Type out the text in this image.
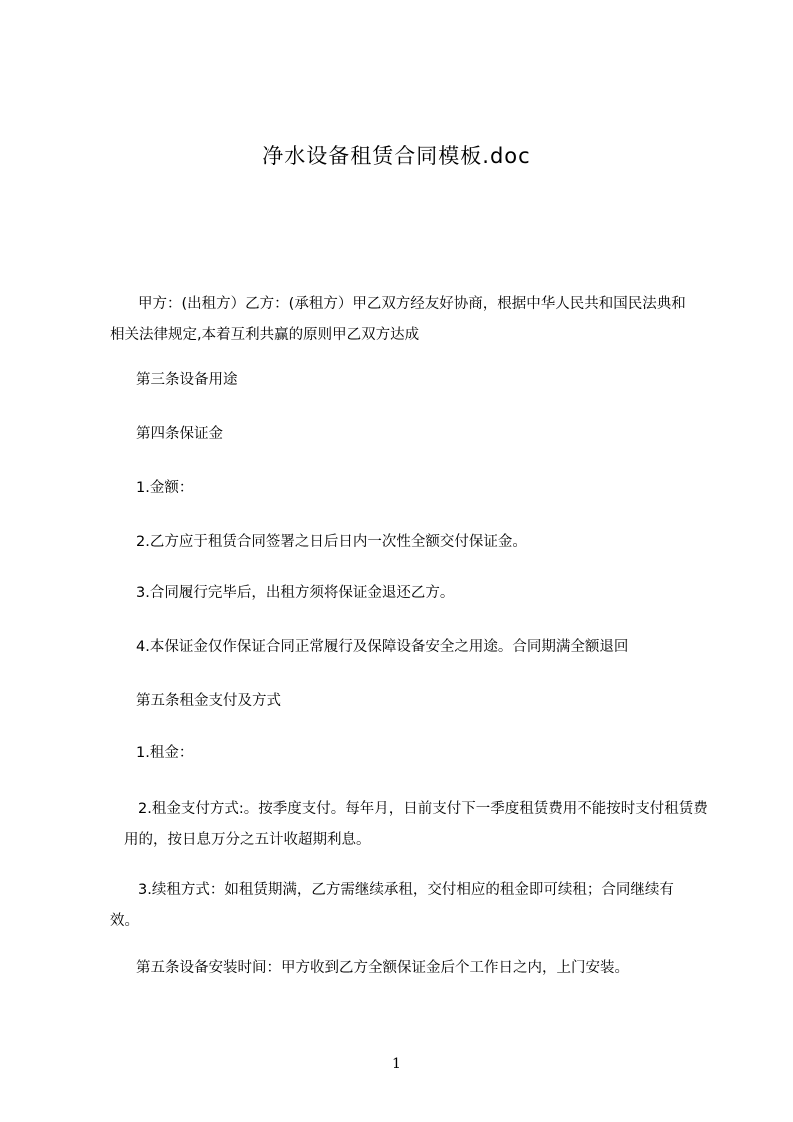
净水设备租赁合同模板.doc

甲方：(出租方）乙方：(承租方）甲乙双方经友好协商，根据中华人民共和国民法典和相关法律规定,本着互利共赢的原则甲乙双方达成

第三条设备用途

第四条保证金

1.金额：

2.乙方应于租赁合同签署之日后日内一次性全额交付保证金。

3.合同履行完毕后，出租方须将保证金退还乙方。

4.本保证金仅作保证合同正常履行及保障设备安全之用途。合同期满全额退回

第五条租金支付及方式

1.租金：

2.租金支付方式:。按季度支付。每年月，日前支付下一季度租赁费用不能按时支付租赁费用的，按日息万分之五计收超期利息。

3.续租方式：如租赁期满，乙方需继续承租，交付相应的租金即可续租；合同继续有效。

第五条设备安装时间：甲方收到乙方全额保证金后个工作日之内，上门安装。

1
